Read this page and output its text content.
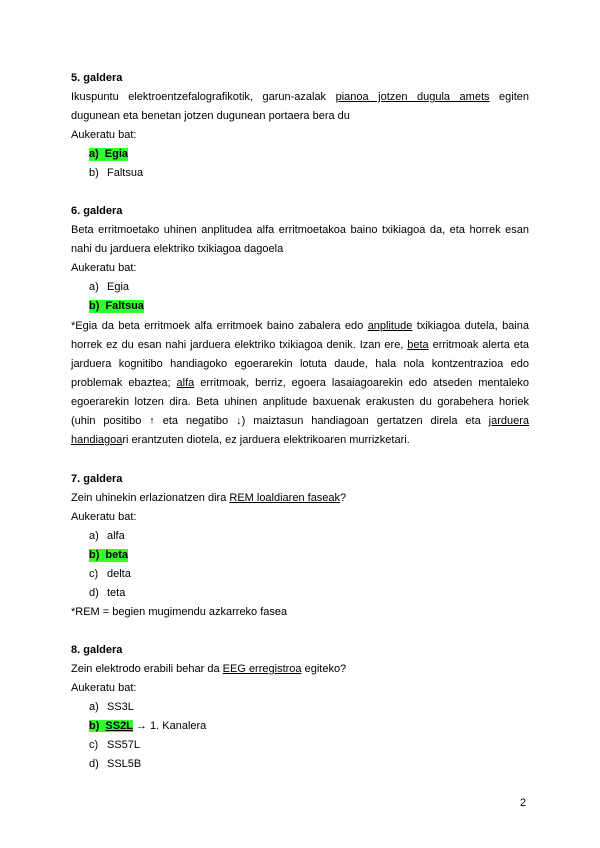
5. galdera
Ikuspuntu elektroentzefalografikotik, garun-azalak pianoa jotzen dugula amets egiten
dugunean eta benetan jotzen dugunean portaera bera du
Aukeratu bat:
a) Egia
b) Faltsua
6. galdera
Beta erritmoetako uhinen anplitudea alfa erritmoetakoa baino txikiagoa da, eta horrek esan
nahi du jarduera elektriko txikiagoa dagoela
Aukeratu bat:
a) Egia
b) Faltsua
*Egia da beta erritmoek alfa erritmoek baino zabalera edo anplitude txikiagoa dutela, baina
horrek ez du esan nahi jarduera elektriko txikiagoa denik. Izan ere, beta erritmoak alerta eta
jarduera kognitibo handiagoko egoerarekin lotuta daude, hala nola kontzentrazioa edo
problemak ebaztea; alfa erritmoak, berriz, egoera lasaiagoarekin edo atseden mentaleko
egoerarekin lotzen dira. Beta uhinen anplitude baxuenak erakusten du gorabehera horiek
(uhin positibo ↑ eta negatibo ↓) maiztasun handiagoan gertatzen direla eta jarduera
handiagoari erantzuten diotela, ez jarduera elektrikoaren murrizketari.
7. galdera
Zein uhinekin erlazionatzen dira REM loaldiaren faseak?
Aukeratu bat:
a) alfa
b) beta
c) delta
d) teta
*REM = begien mugimendu azkarreko fasea
8. galdera
Zein elektrodo erabili behar da EEG erregistroa egiteko?
Aukeratu bat:
a) SS3L
b) SS2L → 1. Kanalera
c) SS57L
d) SSL5B
2
